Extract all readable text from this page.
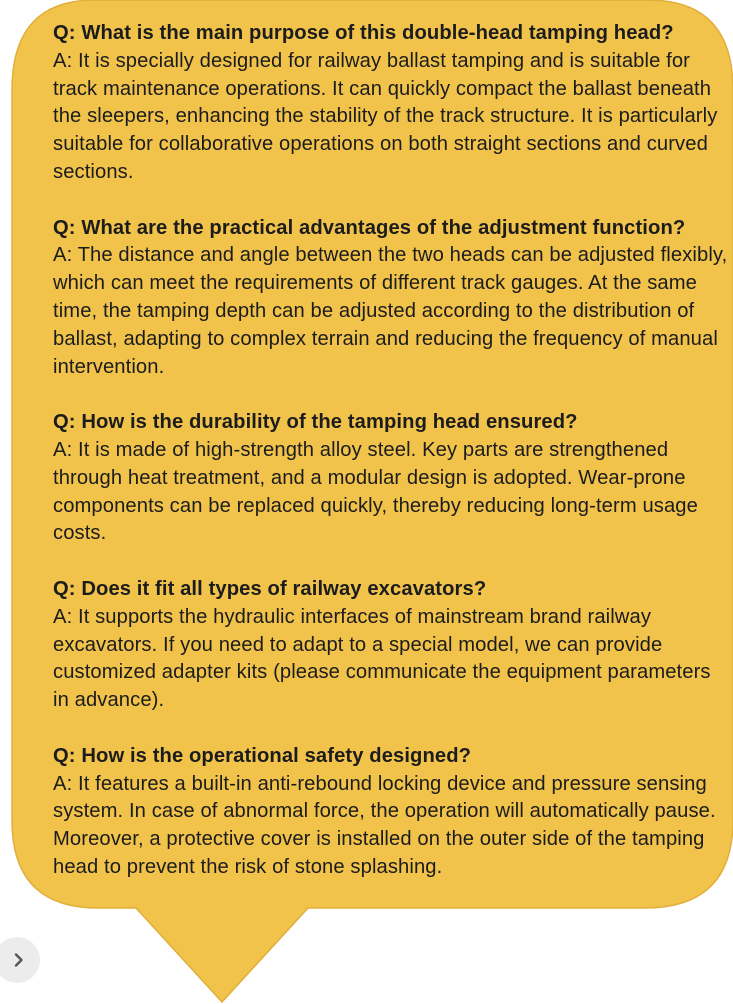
Q: What is the main purpose of this double-head tamping head?
A: It is specially designed for railway ballast tamping and is suitable for track maintenance operations. It can quickly compact the ballast beneath the sleepers, enhancing the stability of the track structure. It is particularly suitable for collaborative operations on both straight sections and curved sections.
Q: What are the practical advantages of the adjustment function?
A: The distance and angle between the two heads can be adjusted flexibly, which can meet the requirements of different track gauges. At the same time, the tamping depth can be adjusted according to the distribution of ballast, adapting to complex terrain and reducing the frequency of manual intervention.
Q: How is the durability of the tamping head ensured?
A: It is made of high-strength alloy steel. Key parts are strengthened through heat treatment, and a modular design is adopted. Wear-prone components can be replaced quickly, thereby reducing long-term usage costs.
Q: Does it fit all types of railway excavators?
A: It supports the hydraulic interfaces of mainstream brand railway excavators. If you need to adapt to a special model, we can provide customized adapter kits (please communicate the equipment parameters in advance).
Q: How is the operational safety designed?
A: It features a built-in anti-rebound locking device and pressure sensing system. In case of abnormal force, the operation will automatically pause. Moreover, a protective cover is installed on the outer side of the tamping head to prevent the risk of stone splashing.
